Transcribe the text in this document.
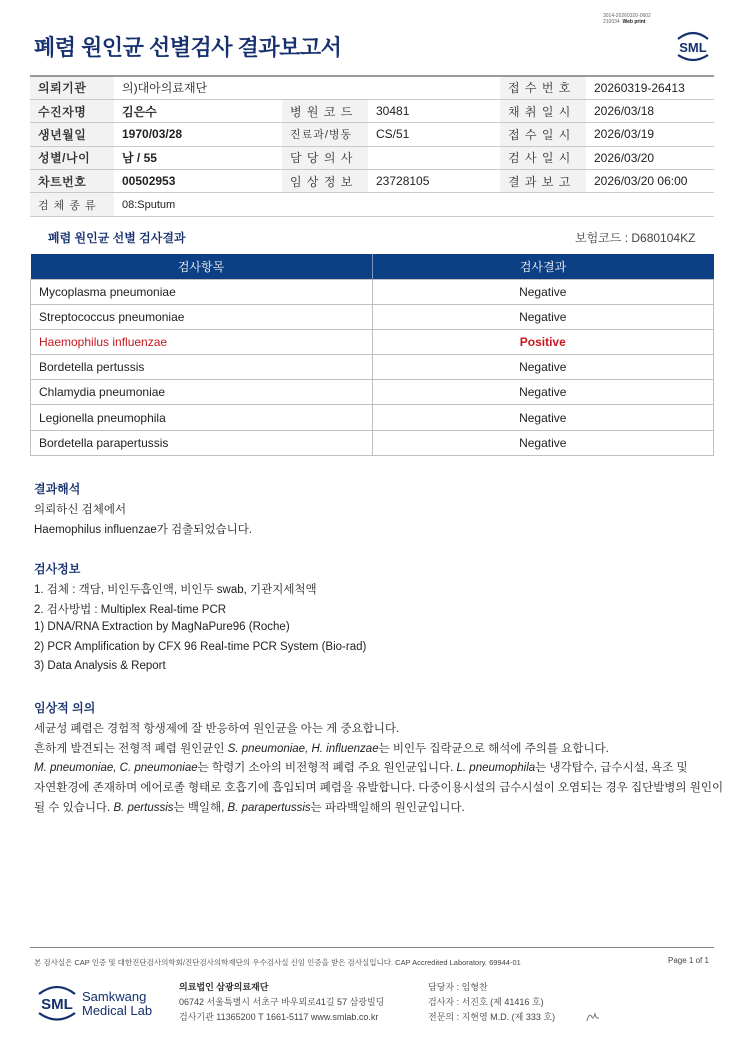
3014-20260320-0602
210034 Web print
폐렴 원인균 선별검사 결과보고서	SML
의뢰기관	의)대아의료재단			접 수 번 호	20260319-26413
수진자명	김은수	병 원 코 드	30481	채 취 일 시	2026/03/18
생년월일	1970/03/28	진료과/병동	CS/51	접 수 일 시	2026/03/19
성별/나이	남 / 55	담 당 의 사		검 사 일 시	2026/03/20
차트번호	00502953	임 상 정 보	23728105	결 과 보 고	2026/03/20 06:00
검 체 종 류	08:Sputum				
폐렴 원인균 선별 검사결과	보험코드 : D680104KZ
검사항목	검사결과
Mycoplasma pneumoniae	Negative
Streptococcus pneumoniae	Negative
Haemophilus influenzae	Positive
Bordetella pertussis	Negative
Chlamydia pneumoniae	Negative
Legionella pneumophila	Negative
Bordetella parapertussis	Negative
결과해석
의뢰하신 검체에서
Haemophilus influenzae가 검출되었습니다.
검사정보
1. 검체 : 객담, 비인두흡인액, 비인두 swab, 기관지세척액
2. 검사방법 : Multiplex Real-time PCR
1) DNA/RNA Extraction by MagNaPure96 (Roche)
2) PCR Amplification by CFX 96 Real-time PCR System (Bio-rad)
3) Data Analysis & Report
임상적 의의
세균성 폐렴은 경험적 항생제에 잘 반응하여 원인균을 아는 게 중요합니다.
흔하게 발견되는 전형적 폐렴 원인균인 S. pneumoniae, H. influenzae는 비인두 집락균으로 해석에 주의를 요합니다.
M. pneumoniae, C. pneumoniae는 학령기 소아의 비전형적 폐렴 주요 원인균입니다. L. pneumophila는 냉각탑수, 급수시설, 욕조 및
자연환경에 존재하며 에어로졸 형태로 호흡기에 흡입되며 폐렴을 유발합니다. 다중이용시설의 급수시설이 오염되는 경우 집단발병의 원인이
될 수 있습니다. B. pertussis는 백일해, B. parapertussis는 파라백일해의 원인균입니다.
본 검사실은 CAP 인증 및 대한진단검사의학회/진단검사의학재단의 우수검사실 신임 인증을 받은 검사실입니다. CAP Accredited Laboratory. 69944-01	Page 1 of 1
SML Samkwang
Medical Lab
의료법인 삼광의료재단
06742 서울특별시 서초구 바우뫼로41길 57 삼광빌딩
검사기관 11365200 T 1661-5117 www.smlab.co.kr
담당자 : 임형찬
검사자 : 서진호 (제 41416 호)
전문의 : 지현영 M.D. (제 333 호)
